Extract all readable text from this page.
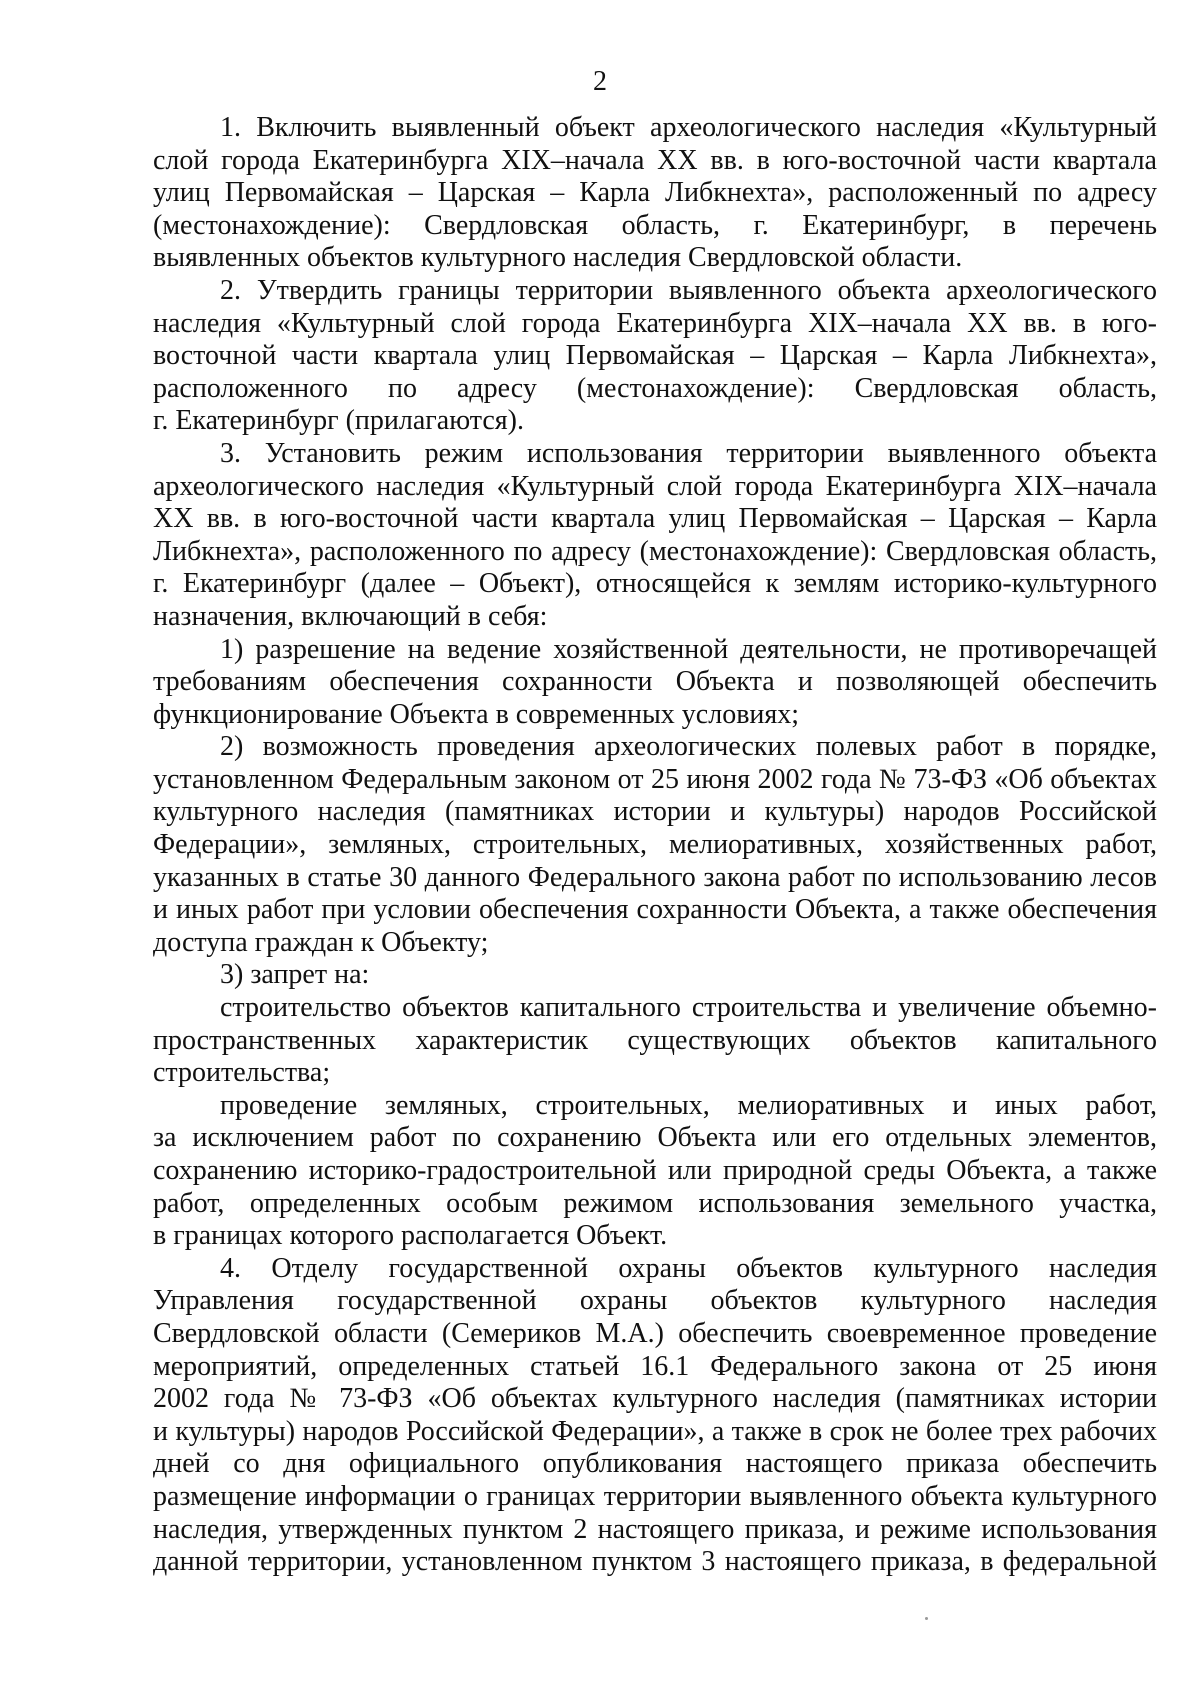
2
1. Включить выявленный объект археологического наследия «Культурный
слой города Екатеринбурга XIX–начала XX вв. в юго-восточной части квартала
улиц Первомайская – Царская – Карла Либкнехта», расположенный по адресу
(местонахождение): Свердловская область, г. Екатеринбург, в перечень
выявленных объектов культурного наследия Свердловской области.
2. Утвердить границы территории выявленного объекта археологического
наследия «Культурный слой города Екатеринбурга XIX–начала XX вв. в юго-
восточной части квартала улиц Первомайская – Царская – Карла Либкнехта»,
расположенного по адресу (местонахождение): Свердловская область,
г. Екатеринбург (прилагаются).
3. Установить режим использования территории выявленного объекта
археологического наследия «Культурный слой города Екатеринбурга XIX–начала
XX вв. в юго-восточной части квартала улиц Первомайская – Царская – Карла
Либкнехта», расположенного по адресу (местонахождение): Свердловская область,
г. Екатеринбург (далее – Объект), относящейся к землям историко-культурного
назначения, включающий в себя:
1) разрешение на ведение хозяйственной деятельности, не противоречащей
требованиям обеспечения сохранности Объекта и позволяющей обеспечить
функционирование Объекта в современных условиях;
2) возможность проведения археологических полевых работ в порядке,
установленном Федеральным законом от 25 июня 2002 года № 73-ФЗ «Об объектах
культурного наследия (памятниках истории и культуры) народов Российской
Федерации», земляных, строительных, мелиоративных, хозяйственных работ,
указанных в статье 30 данного Федерального закона работ по использованию лесов
и иных работ при условии обеспечения сохранности Объекта, а также обеспечения
доступа граждан к Объекту;
3) запрет на:
строительство объектов капитального строительства и увеличение объемно-
пространственных характеристик существующих объектов капитального
строительства;
проведение земляных, строительных, мелиоративных и иных работ,
за исключением работ по сохранению Объекта или его отдельных элементов,
сохранению историко-градостроительной или природной среды Объекта, а также
работ, определенных особым режимом использования земельного участка,
в границах которого располагается Объект.
4. Отделу государственной охраны объектов культурного наследия
Управления государственной охраны объектов культурного наследия
Свердловской области (Семериков М.А.) обеспечить своевременное проведение
мероприятий, определенных статьей 16.1 Федерального закона от 25 июня
2002 года № 73-ФЗ «Об объектах культурного наследия (памятниках истории
и культуры) народов Российской Федерации», а также в срок не более трех рабочих
дней со дня официального опубликования настоящего приказа обеспечить
размещение информации о границах территории выявленного объекта культурного
наследия, утвержденных пунктом 2 настоящего приказа, и режиме использования
данной территории, установленном пунктом 3 настоящего приказа, в федеральной
